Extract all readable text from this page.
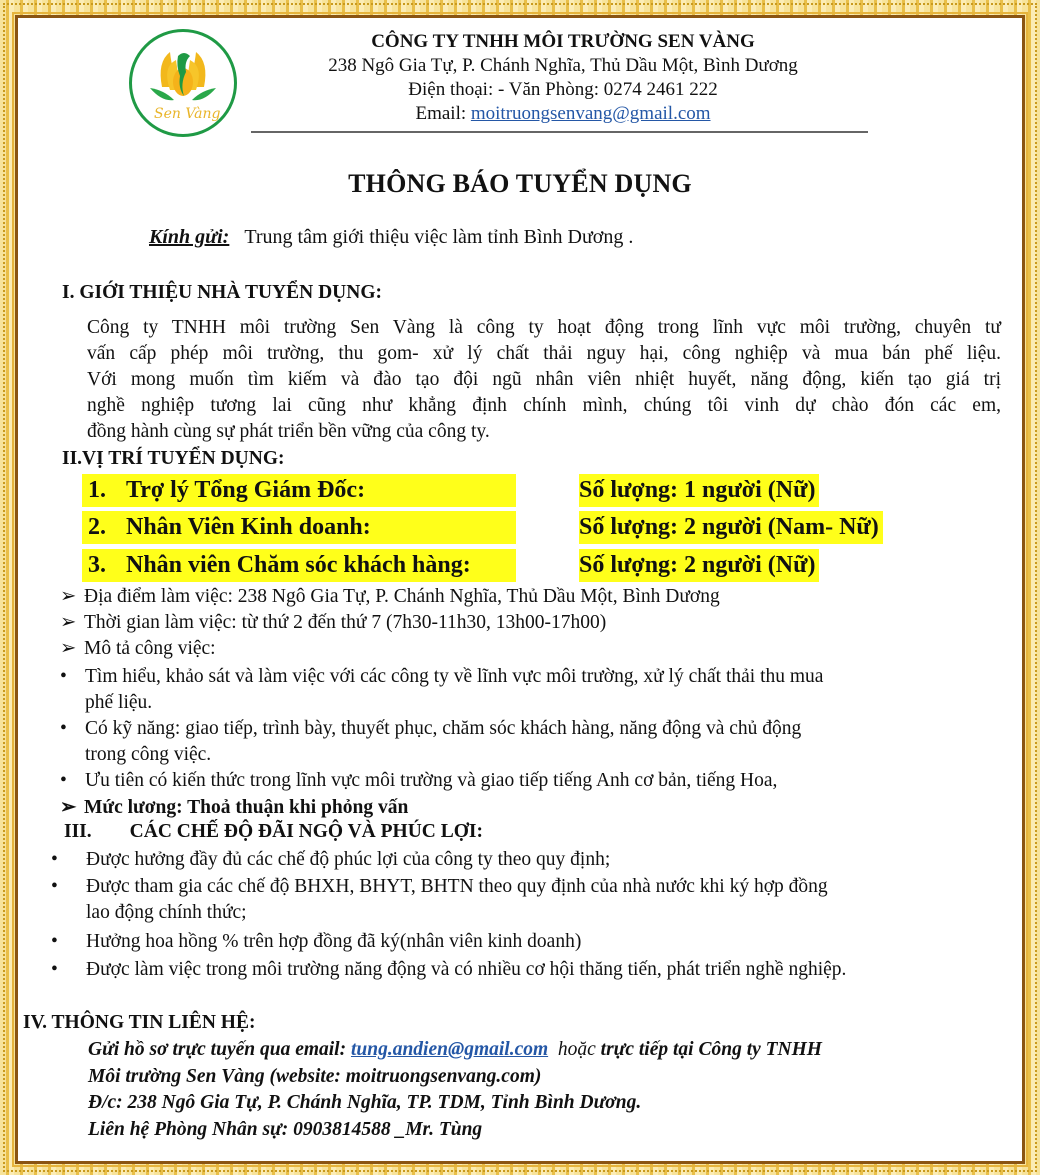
Sen Vàng
CÔNG TY TNHH MÔI TRƯỜNG SEN VÀNG
238 Ngô Gia Tự, P. Chánh Nghĩa, Thủ Dầu Một, Bình Dương
Điện thoại: - Văn Phòng: 0274 2461 222
Email: moitruongsenvang@gmail.com
THÔNG BÁO TUYỂN DỤNG
Kính gửi: Trung tâm giới thiệu việc làm tỉnh Bình Dương .
I. GIỚI THIỆU NHÀ TUYỂN DỤNG:
Công ty TNHH môi trường Sen Vàng là công ty hoạt động trong lĩnh vực môi trường, chuyên tư
vấn cấp phép môi trường, thu gom- xử lý chất thải nguy hại, công nghiệp và mua bán phế liệu.
Với mong muốn tìm kiếm và đào tạo đội ngũ nhân viên nhiệt huyết, năng động, kiến tạo giá trị
nghề nghiệp tương lai cũng như khẳng định chính mình, chúng tôi vinh dự chào đón các em,
đồng hành cùng sự phát triển bền vững của công ty.
II.VỊ TRÍ TUYỂN DỤNG:
1. Trợ lý Tổng Giám Đốc:	Số lượng: 1 người (Nữ)
2. Nhân Viên Kinh doanh:	Số lượng: 2 người (Nam- Nữ)
3. Nhân viên Chăm sóc khách hàng:	Số lượng: 2 người (Nữ)
➢ Địa điểm làm việc: 238 Ngô Gia Tự, P. Chánh Nghĩa, Thủ Dầu Một, Bình Dương
➢ Thời gian làm việc: từ thứ 2 đến thứ 7 (7h30-11h30, 13h00-17h00)
➢ Mô tả công việc:
• Tìm hiểu, khảo sát và làm việc với các công ty về lĩnh vực môi trường, xử lý chất thải thu mua
phế liệu.
• Có kỹ năng: giao tiếp, trình bày, thuyết phục, chăm sóc khách hàng, năng động và chủ động
trong công việc.
• Ưu tiên có kiến thức trong lĩnh vực môi trường và giao tiếp tiếng Anh cơ bản, tiếng Hoa,
➢ Mức lương: Thoả thuận khi phỏng vấn
III. CÁC CHẾ ĐỘ ĐÃI NGỘ VÀ PHÚC LỢI:
• Được hưởng đầy đủ các chế độ phúc lợi của công ty theo quy định;
• Được tham gia các chế độ BHXH, BHYT, BHTN theo quy định của nhà nước khi ký hợp đồng
lao động chính thức;
• Hưởng hoa hồng % trên hợp đồng đã ký(nhân viên kinh doanh)
• Được làm việc trong môi trường năng động và có nhiều cơ hội thăng tiến, phát triển nghề nghiệp.
IV. THÔNG TIN LIÊN HỆ:
Gửi hồ sơ trực tuyến qua email: tung.andien@gmail.com  hoặc trực tiếp tại Công ty TNHH
Môi trường Sen Vàng (website: moitruongsenvang.com)
Đ/c: 238 Ngô Gia Tự, P. Chánh Nghĩa, TP. TDM, Tỉnh Bình Dương.
Liên hệ Phòng Nhân sự: 0903814588 _Mr. Tùng
